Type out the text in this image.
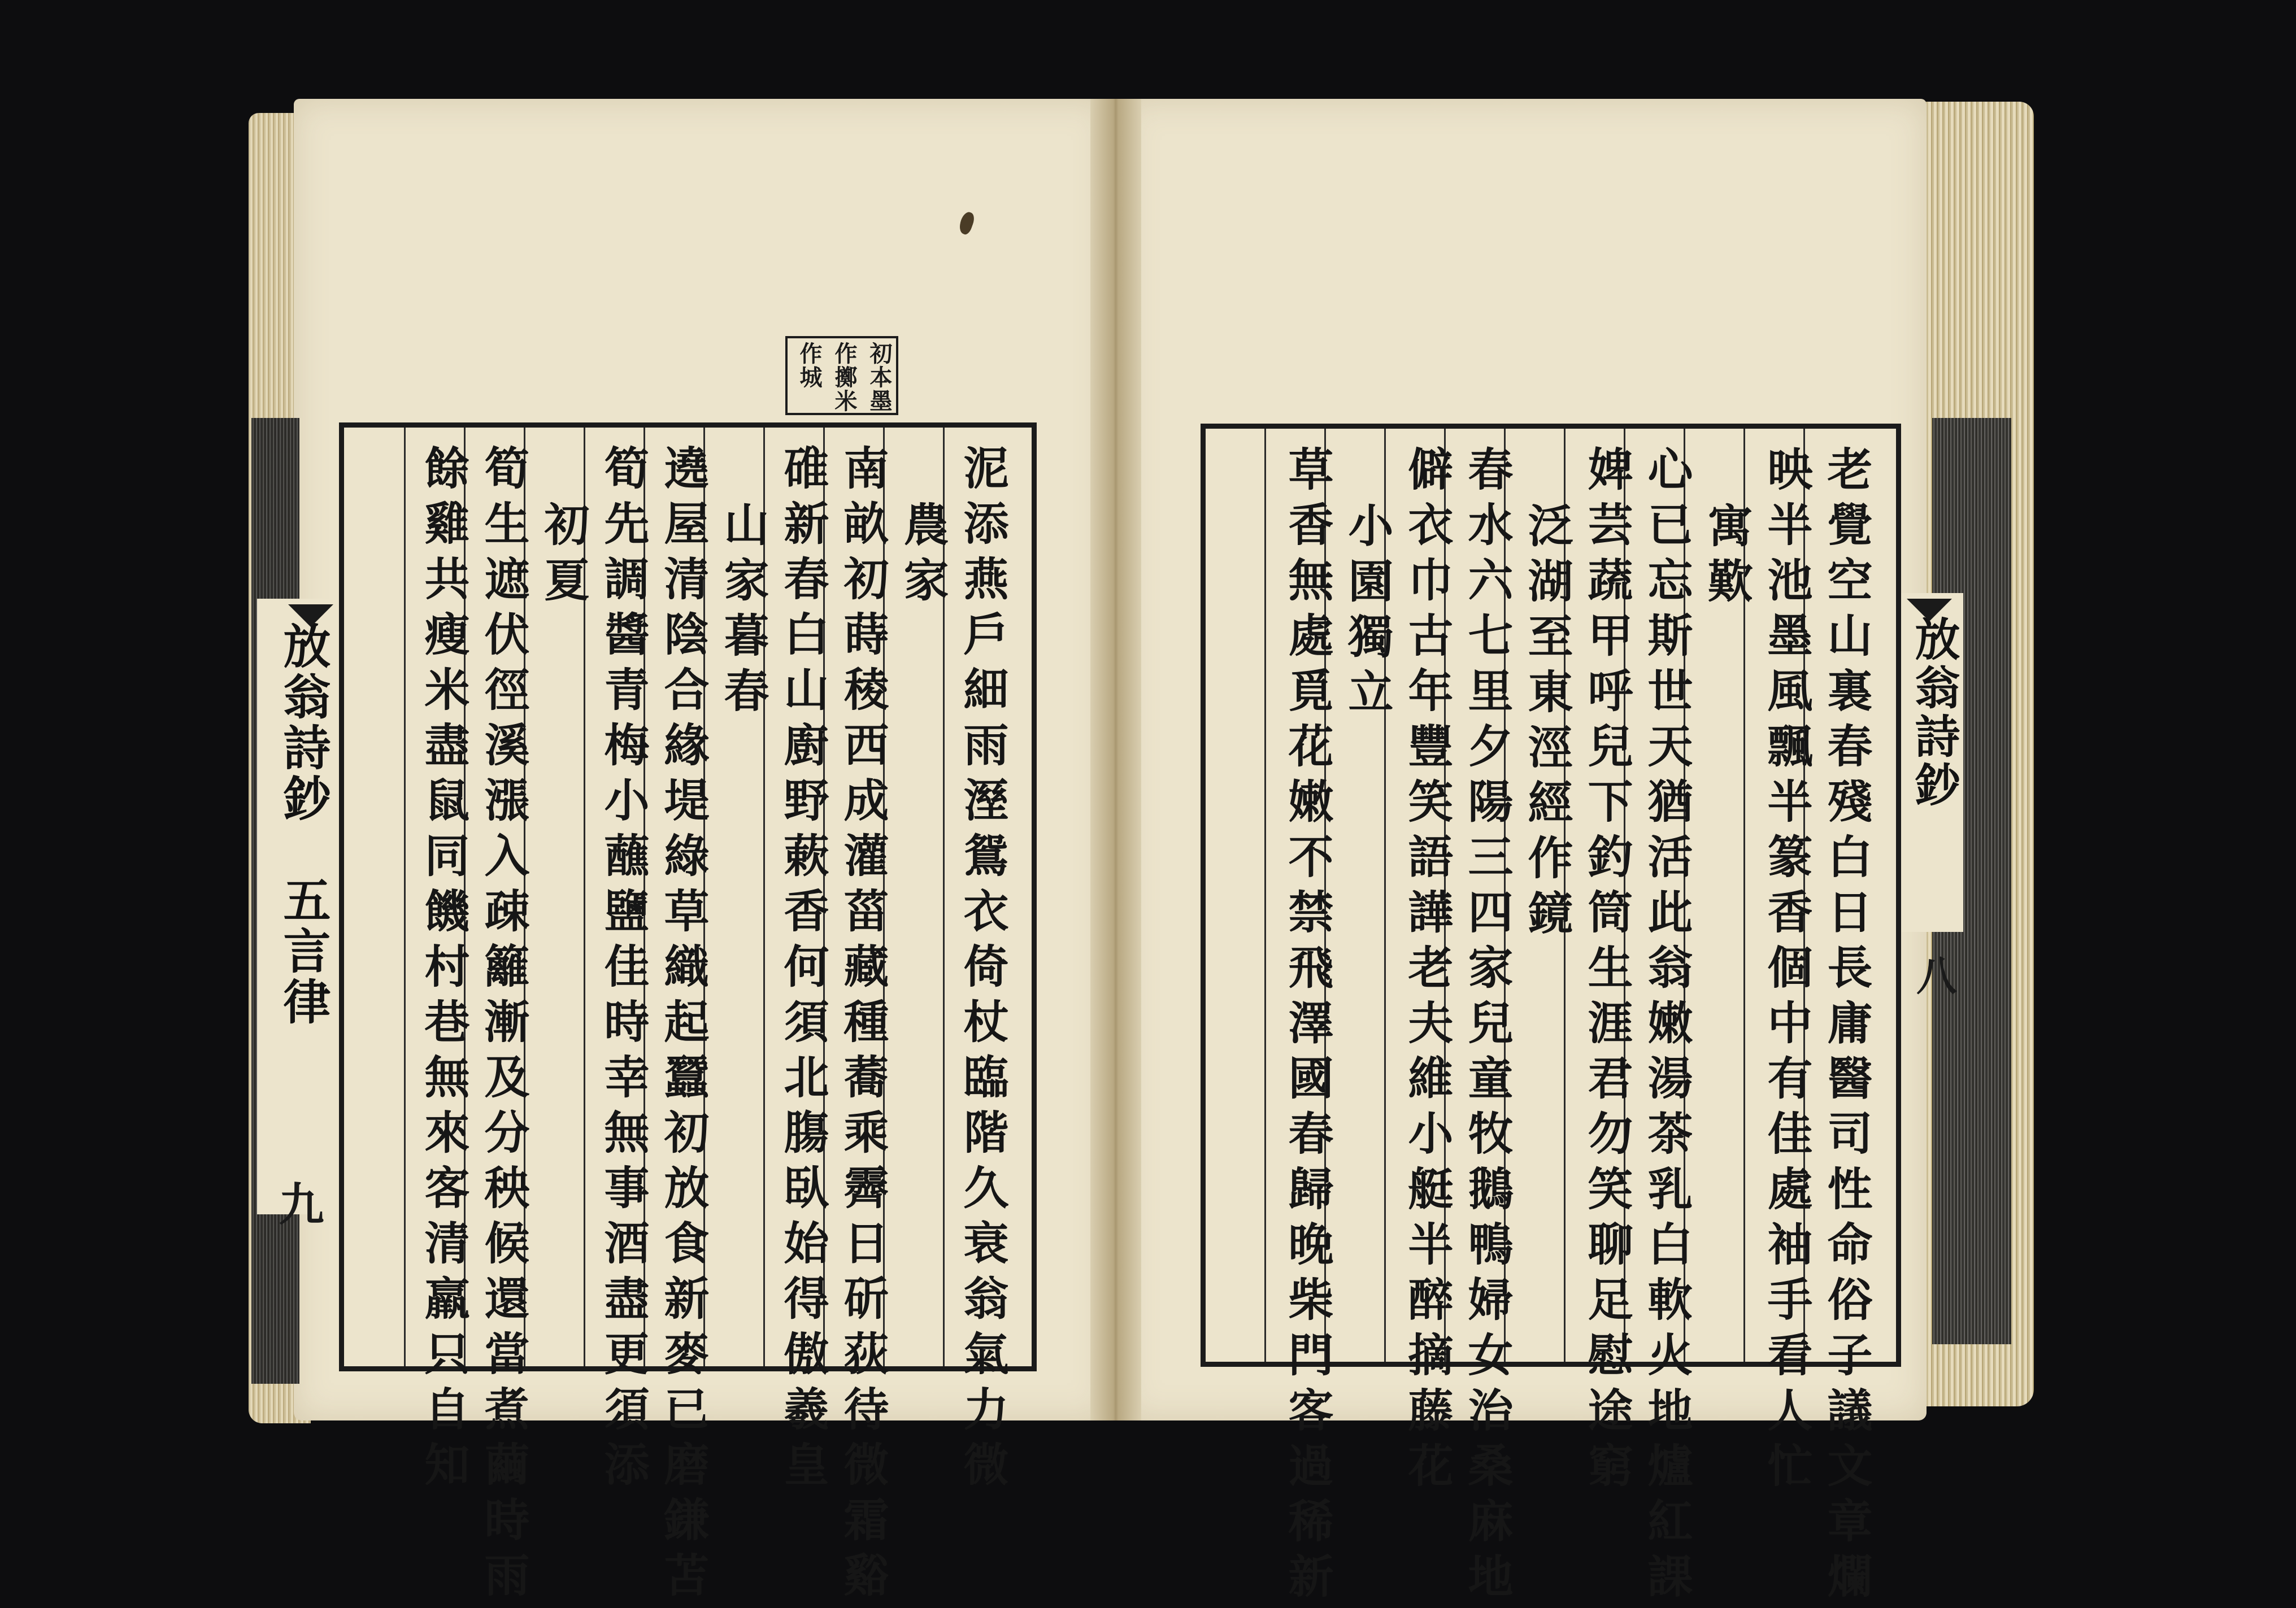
初本墨
作擲米
作城
泥添燕戶細雨溼鴛衣倚杖臨階久衰翁氣力微
農家
南畝初蒔稜西成灌菑藏種蕎乘霽日斫荻待微霜谿
碓新春白山廚野蔌香何須北膓臥始得傲羲皇
山家暮春
遶屋清陰合緣堤綠草織起蠶初放食新麥已磨鎌苫
筍先調醬青梅小蘸鹽佳時幸無事酒盡更須添
初夏
筍生遮伏徑溪漲入疎籬漸及分秧候還當煮繭時雨
餘雞共瘦米盡鼠同饑村巷無來客清羸只自知	老覺空山裏春殘白日長庸醫司性命俗子議文章爛
映半池墨風飄半篆香個中有佳處袖手看人忙
寓歎
心已忘斯世天猶活此翁嫩湯茶乳白軟火地爐紅課
婢芸蔬甲呼兒下釣筒生涯君勿笑聊足慰途窮
泛湖至東涇經作鏡
春水六七里夕陽三四家兒童牧鵝鴨婦女治桑麻地
僻衣巾古年豐笑語譁老夫維小艇半醉摘藤花
小園獨立
草香無處覓花嫩不禁飛澤國春歸晚柴門客過稀新
放翁詩鈔　五言律
九
放翁詩鈔
八
